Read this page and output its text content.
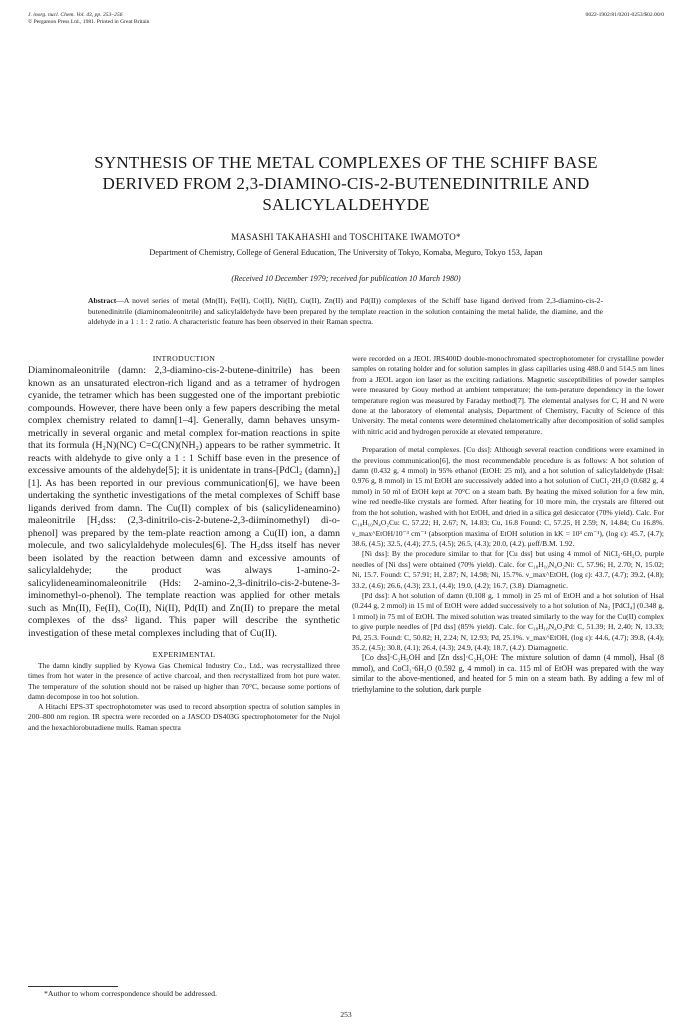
J. inorg. nucl. Chem. Vol. 43, pp. 253–256
© Pergamon Press Ltd., 1981. Printed in Great Britain
0022-1902/81/0201-0253/$02.00/0
SYNTHESIS OF THE METAL COMPLEXES OF THE SCHIFF BASE DERIVED FROM 2,3-DIAMINO-CIS-2-BUTENEDINITRILE AND SALICYLALDEHYDE
MASASHI TAKAHASHI and TOSCHITAKE IWAMOTO*
Department of Chemistry, College of General Education, The University of Tokyo, Komaba, Meguro, Tokyo 153, Japan
(Received 10 December 1979; received for publication 10 March 1980)
Abstract—A novel series of metal (Mn(II), Fe(II), Co(II), Ni(II), Cu(II), Zn(II) and Pd(II)) complexes of the Schiff base ligand derived from 2,3-diamino-cis-2-butenedinitrile (diaminomaleonitrile) and salicylaldehyde have been prepared by the template reaction in the solution containing the metal halide, the diamine, and the aldehyde in a 1 : 1 : 2 ratio. A characteristic feature has been observed in their Raman spectra.
INTRODUCTION

Diaminomaleonitrile (damn: 2,3-diamino-cis-2-butene-dinitrile) has been known as an unsaturated electron-rich ligand and as a tetramer of hydrogen cyanide, the tetramer which has been suggested one of the important prebiotic compounds. However, there have been only a few papers describing the metal complex chemistry related to damn[1–4]. Generally, damn behaves unsym-metrically in several organic and metal complex for-mation reactions in spite that its formula (H₂N)(NC) C=C(CN)(NH₂) appears to be rather symmetric. It reacts with aldehyde to give only a 1 : 1 Schiff base even in the presence of excessive amounts of the aldehyde[5]; it is unidentate in trans-[PdCl₂ (damn)₂][1]. As has been reported in our previous communication[6], we have been undertaking the synthetic investigations of the metal complexes of Schiff base ligands derived from damn. The Cu(II) complex of bis (salicylideneamino) maleonitrile [H₂dss: (2,3-dinitrilo-cis-2-butene-2,3-diiminomethyl) di-o-phenol] was prepared by the tem-plate reaction among a Cu(II) ion, a damn molecule, and two salicylaldehyde molecules[6]. The H₂dss itself has never been isolated by the reaction between damn and excessive amounts of salicylaldehyde; the product was always 1-amino-2-salicylideneaminomaleonitrile (Hds: 2-amino-2,3-dinitrilo-cis-2-butene-3-iminomethyl-o-phenol). The template reaction was applied for other metals such as Mn(II), Fe(II), Co(II), Ni(II), Pd(II) and Zn(II) to prepare the metal complexes of the dss² ligand. This paper will describe the synthetic investigation of these metal complexes including that of Cu(II).

EXPERIMENTAL

The damn kindly supplied by Kyowa Gas Chemical Industry Co., Ltd., was recrystallized three times from hot water in the presence of active charcoal, and then recrystallized from hot pure water. The temperature of the solution should not be raised up higher than 70°C, because some portions of damn decompose in too hot solution.

A Hitachi EPS-3T spectrophotometer was used to record absorption spectra of solution samples in 200–800 nm region. IR spectra were recorded on a JASCO DS403G spectrophotometer for the Nujol and the hexachlorobutadiene mulls. Raman spectra

were recorded on a JEOL JRS400D double-monochromated spectrophotometer for crystalline powder samples on rotating holder and for solution samples in glass capillaries using 488.0 and 514.5 nm lines from a JEOL argon ion laser as the exciting radiations. Magnetic susceptibilities of powder samples were measured by Gouy method at ambient temperature; the tem-perature dependency in the lower temperature region was measured by Faraday method[7]. The elemental analyses for C, H and N were done at the laboratory of elemental analysis, Department of Chemistry, Faculty of Science of this University. The metal contents were determined chelatometrically after decomposition of solid samples with nitric acid and hydrogen peroxide at elevated temperature.

Preparation of metal complexes. [Cu dss]: Although several reaction conditions were examined in the previous communication[6], the most recommendable procedure is as follows: A hot solution of damn (0.432 g, 4 mmol) in 95% ethanol (EtOH: 25 ml), and a hot solution of salicylaldehyde (Hsal: 0.976 g, 8 mmol) in 15 ml EtOH are successively added into a hot solution of CuCl₂·2H₂O (0.682 g, 4 mmol) in 50 ml of EtOH kept at 70°C on a steam bath. By heating the mixed solution for a few min, wine red needle-like crystals are formed. After heating for 10 more min, the crystals are filtered out from the hot solution, washed with hot EtOH, and dried in a silica gel desiccator (70% yield). Calc. For C₁₈H₁₀N₄O₂Cu: C, 57.22; H, 2.67; N, 14.83; Cu, 16.8 Found: C, 57.25, H 2.59; N, 14.84; Cu 16.8%. ν_max^EtOH/10⁻³ cm⁻¹ (absorption maxima of EtOH solution in kK = 10³ cm⁻¹), (log ε): 45.7, (4.7); 38.6, (4.5); 32.5, (4.4); 27.5, (4.5); 26.5, (4.3); 20.0, (4.2). μeff/B.M. 1.92.

[Ni dss]: By the procedure similar to that for [Cu dss] but using 4 mmol of NiCl₂·6H₂O, purple needles of [Ni dss] were obtained (70% yield). Calc. for C₁₈H₁₀N₄O₂Ni: C, 57.96; H, 2.70; N, 15.02; Ni, 15.7. Found: C, 57.91; H, 2.87; N, 14.98; Ni, 15.7%. ν_max^EtOH, (log ε): 43.7, (4.7); 39.2, (4.8); 33.2, (4.6); 26.6, (4.3); 23.1, (4.4); 19.0, (4.2); 16.7, (3.8). Diamagnetic.

[Pd dss]: A hot solution of damn (0.108 g, 1 mmol) in 25 ml of EtOH and a hot solution of Hsal (0.244 g, 2 mmol) in 15 ml of EtOH were added successively to a hot solution of Na₂ [PdCl₄] (0.348 g, 1 mmol) in 75 ml of EtOH. The mixed solution was treated similarly to the way for the Cu(II) complex to give purple needles of [Pd dss] (85% yield). Calc. for C₁₈H₁₀N₄O₂Pd: C, 51.39; H, 2.40; N, 13.33; Pd, 25.3. Found: C, 50.82; H, 2.24; N, 12.93; Pd, 25.1%. ν_max^EtOH, (log ε): 44.6, (4.7); 39.8, (4.4); 35.2, (4.5); 30.8, (4.1); 26.4, (4.3); 24.9, (4.4); 18.7, (4.2). Diamagnetic.

[Co dss]·C₂H₅OH and [Zn dss]·C₂H₅OH: The mixture solution of damn (4 mmol), Hsal (8 mmol), and CoCl₂·6H₂O (0.592 g, 4 mmol) in ca. 115 ml of EtOH was prepared with the way similar to the above-mentioned, and heated for 5 min on a steam bath. By adding a few ml of triethylamine to the solution, dark purple

*Author to whom correspondence should be addressed.
253
